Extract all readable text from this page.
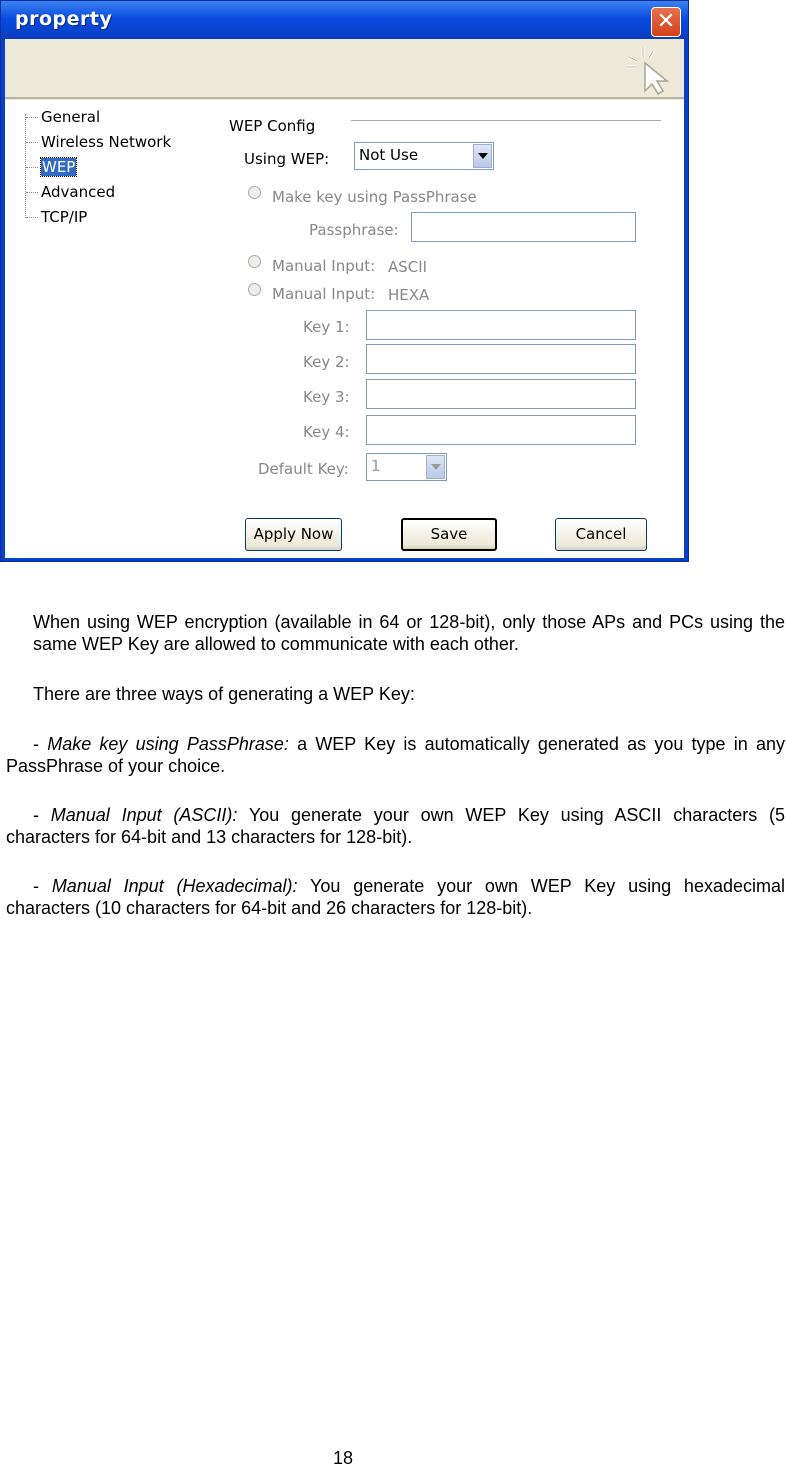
property	✕
General
Wireless Network
WEP
Advanced
TCP/IP
WEP Config
Using WEP: Not Use
Make key using PassPhrase
Passphrase:
Manual Input: ASCII
Manual Input: HEXA
Key 1:
Key 2:
Key 3:
Key 4:
Default Key: 1
Apply Now	Save	Cancel
When using WEP encryption (available in 64 or 128-bit), only those APs and PCs using the same WEP Key are allowed to communicate with each other.
There are three ways of generating a WEP Key:
- Make key using PassPhrase: a WEP Key is automatically generated as you type in any PassPhrase of your choice.
- Manual Input (ASCII): You generate your own WEP Key using ASCII characters (5 characters for 64-bit and 13 characters for 128-bit).
- Manual Input (Hexadecimal): You generate your own WEP Key using hexadecimal characters (10 characters for 64-bit and 26 characters for 128-bit).
18
